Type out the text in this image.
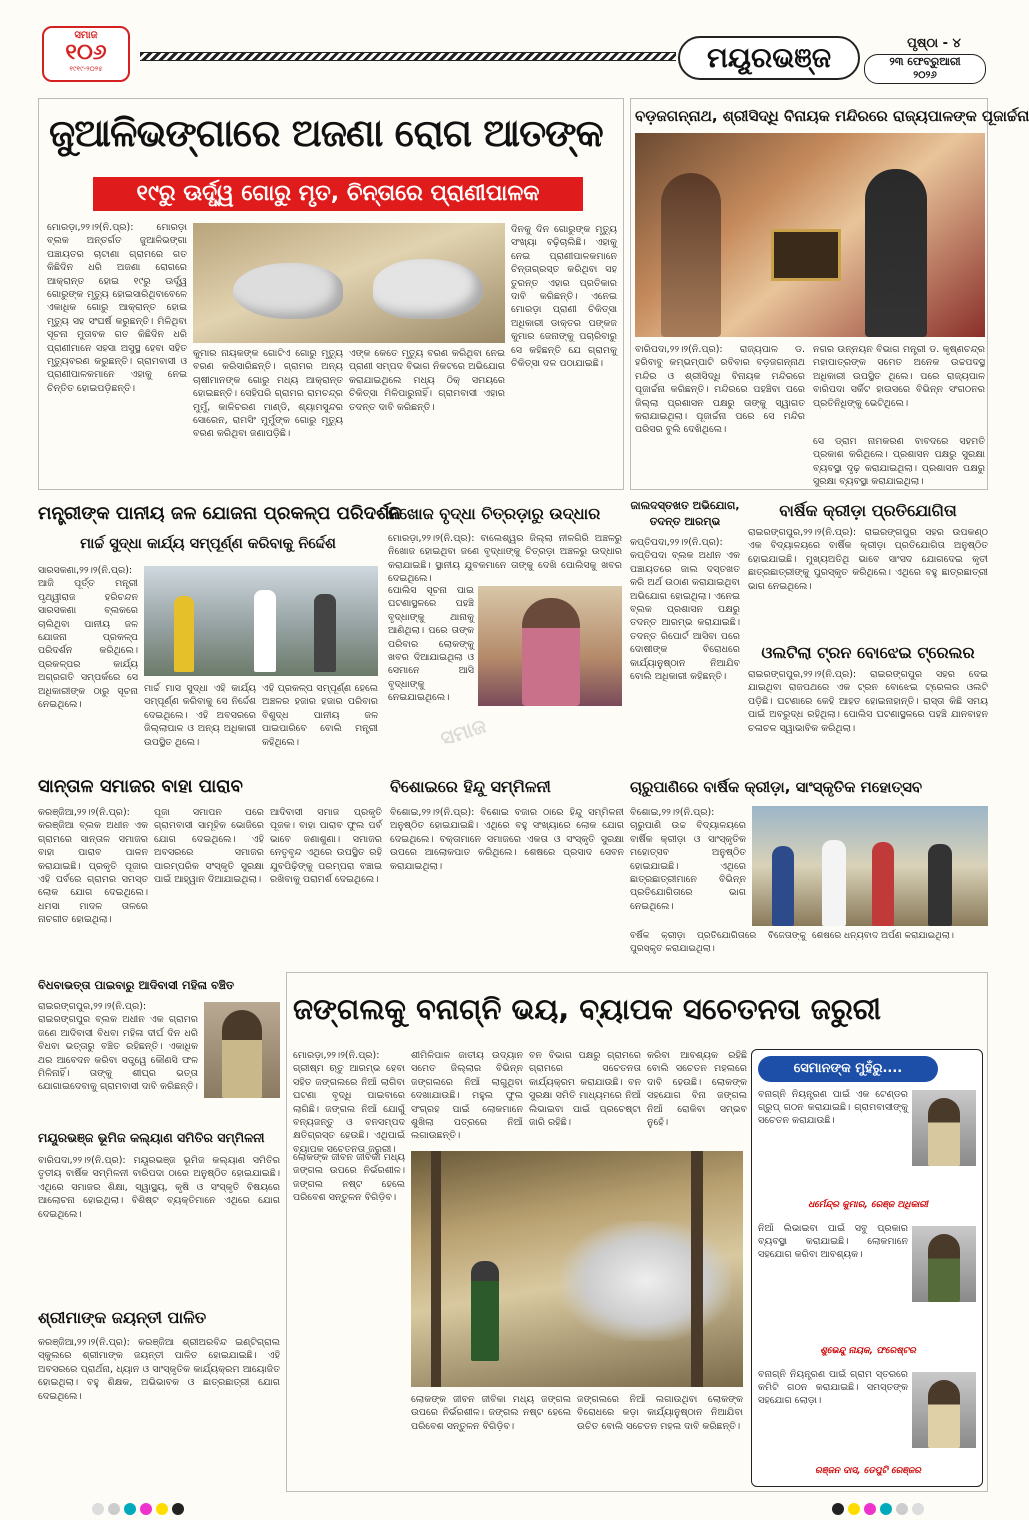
ସମାଜ
୧୦୬
୧୯୧୯-୨୦୨୫	ମୟୂରଭଞ୍ଜ	ପୃଷ୍ଠା - ୪
୨୩ ଫେବ୍ରୁଆରୀ
୨୦୨୬
ଜୁଆଳିଭଙ୍ଗାରେ ଅଜଣା ରୋଗ ଆତଙ୍କ
୧୯ରୁ ଊର୍ଦ୍ଧ୍ୱ ଗୋରୁ ମୃତ, ଚିନ୍ତାରେ ପ୍ରାଣୀପାଳକ
ମୋରଡ଼ା,୨୨।୨(ନି.ପ୍ର): ମୋରଡ଼ା ବ୍ଲକ ଅନ୍ତର୍ଗତ ଜୁଆଳିଭଙ୍ଗା ପଞ୍ଚାୟତର ଚାଟାଣା ଗ୍ରାମରେ ଗତ କିଛିଦିନ ଧରି ଅଜଣା ରୋଗରେ ଆକ୍ରାନ୍ତ ହୋଇ ୧୯ରୁ ଊର୍ଦ୍ଧ୍ୱ ଗୋରୁଙ୍କ ମୃତ୍ୟୁ ହୋଇସାରିଥିବାବେଳେ ଏକାଧିକ ଗୋରୁ ଆକ୍ରାନ୍ତ ହୋଇ ମୃତ୍ୟୁ ସହ ସଂଘର୍ଷ କରୁଛନ୍ତି। ମିଳିଥିବା ସୂଚନା ମୁତାବକ ଗତ କିଛିଦିନ ଧରି ପ୍ରାଣୀମାନେ ସହସା ଅସୁସ୍ଥ ହେବା ସହିତ ମୃତ୍ୟୁବରଣ କରୁଛନ୍ତି। ଗ୍ରାମବାସୀ ଓ ପ୍ରାଣୀପାଳକମାନେ ଏହାକୁ ନେଇ ଚିନ୍ତିତ ହୋଇପଡ଼ିଛନ୍ତି।
କୁମାର ନାୟକଙ୍କ ଗୋଟିଏ ଗୋରୁ ମୃତ୍ୟୁ ବରଣ କରିସାରିଛନ୍ତି। ଗ୍ରାମର ଅନ୍ୟ ଚାଷୀମାନଙ୍କ ଗୋରୁ ମଧ୍ୟ ଆକ୍ରାନ୍ତ ହୋଇଛନ୍ତି। ସେହିପରି ଗ୍ରାମର ରାମଚନ୍ଦ୍ର ମୁର୍ମୁ, କାଳିଚରଣ ମାଣ୍ଡି, ଶ୍ୟାମସୁନ୍ଦର ସୋରେନ, ରାମସିଂ ମୁର୍ମୁଙ୍କ ଗୋରୁ ମୃତ୍ୟୁ ବରଣ କରିଥିବା ଜଣାପଡ଼ିଛି।
ଏଙ୍କ କେତେ ମୃତ୍ୟୁ ବରଣ କରିଥିବା ନେଇ ପ୍ରାଣୀ ସମ୍ପଦ ବିଭାଗ ନିକଟରେ ଅଭିଯୋଗ କରାଯାଇଥିଲେ ମଧ୍ୟ ଠିକ୍ ସମୟରେ ଚିକିତ୍ସା ମିଳିପାରୁନାହିଁ। ଗ୍ରାମବାସୀ ଏହାର ତଦନ୍ତ ଦାବି କରିଛନ୍ତି।
ଦିନକୁ ଦିନ ଗୋରୁଙ୍କ ମୃତ୍ୟୁ ସଂଖ୍ୟା ବଢ଼ିଚାଲିଛି। ଏହାକୁ ନେଇ ପ୍ରାଣୀପାଳକମାନେ ଚିନ୍ତାଗ୍ରସ୍ତ କରିଥିବା ସହ ତୁରନ୍ତ ଏହାର ପ୍ରତିକାର ଦାବି କରିଛନ୍ତି। ଏନେଇ ମୋରଡ଼ା ପ୍ରାଣୀ ଚିକିତ୍ସା ଅଧିକାରୀ ଡାକ୍ତର ପଙ୍କଜ କୁମାର ଜେନାଙ୍କୁ ପଚାରିବାରୁ ସେ କହିଛନ୍ତି ଯେ ଗ୍ରାମକୁ ଚିକିତ୍ସା ଦଳ ପଠାଯାଇଛି।
ବଡ଼ଜଗନ୍ନାଥ, ଶ୍ରୀସିଦ୍ଧି ବିନାୟକ ମନ୍ଦିରରେ ରାଜ୍ୟପାଳଙ୍କ ପୂଜାର୍ଚ୍ଚନା
ବାରିପଦା,୨୨।୨(ନି.ପ୍ର): ରାଜ୍ୟପାଳ ଡ. ହରିବାବୁ କମ୍ଭମ୍ପାଟି ରବିବାର ବଡ଼ଜଗନ୍ନାଥ ମନ୍ଦିର ଓ ଶ୍ରୀସିଦ୍ଧି ବିନାୟକ ମନ୍ଦିରରେ ପୂଜାର୍ଚ୍ଚନା କରିଛନ୍ତି। ମନ୍ଦିରରେ ପହଞ୍ଚିବା ପରେ ଜିଲ୍ଲା ପ୍ରଶାସନ ପକ୍ଷରୁ ତାଙ୍କୁ ସ୍ୱାଗତ କରାଯାଇଥିଲା। ପୂଜାର୍ଚ୍ଚନା ପରେ ସେ ମନ୍ଦିର ପରିସର ବୁଲି ଦେଖିଥିଲେ।
ନଗର ଉନ୍ନୟନ ବିଭାଗ ମନ୍ତ୍ରୀ ଡ. କୃଷ୍ଣଚନ୍ଦ୍ର ମହାପାତ୍ରଙ୍କ ସମେତ ଅନେକ ଉଚ୍ଚପଦସ୍ଥ ଅଧିକାରୀ ଉପସ୍ଥିତ ଥିଲେ। ପରେ ରାଜ୍ୟପାଳ ବାରିପଦା ସର୍କିଟ ହାଉସରେ ବିଭିନ୍ନ ସଂଗଠନର ପ୍ରତିନିଧିଙ୍କୁ ଭେଟିଥିଲେ।
ସେ ଡ୍ରାମ ନାମକରଣ ବାବଦରେ ସହମତି ପ୍ରକାଶ କରିଥିଲେ। ପ୍ରଶାସନ ପକ୍ଷରୁ ସୁରକ୍ଷା ବ୍ୟବସ୍ଥା ଦୃଢ଼ କରାଯାଇଥିଲା। ପ୍ରଶାସନ ପକ୍ଷରୁ ସୁରକ୍ଷା ବ୍ୟବସ୍ଥା କରାଯାଇଥିଲା।
ମନ୍ତ୍ରୀଙ୍କ ପାନୀୟ ଜଳ ଯୋଜନା ପ୍ରକଳ୍ପ ପରିଦର୍ଶନ
ମାର୍ଚ୍ଚ ସୁଦ୍ଧା କାର୍ଯ୍ୟ ସମ୍ପୂର୍ଣ୍ଣ କରିବାକୁ ନିର୍ଦ୍ଦେଶ
ସାରସକଣା,୨୨।୨(ନି.ପ୍ର): ଆଜି ପୂର୍ତ୍ତ ମନ୍ତ୍ରୀ ପୃଥ୍ୱୀରାଜ ହରିଚନ୍ଦନ ସାରସକଣା ବ୍ଲକରେ ଚାଲିଥିବା ପାନୀୟ ଜଳ ଯୋଜନା ପ୍ରକଳ୍ପ ପରିଦର୍ଶନ କରିଥିଲେ। ପ୍ରକଳ୍ପର କାର୍ଯ୍ୟ ଅଗ୍ରଗତି ସମ୍ପର୍କରେ ସେ ଅଧିକାରୀଙ୍କ ଠାରୁ ସୂଚନା ନେଇଥିଲେ।
ମାର୍ଚ୍ଚ ମାସ ସୁଦ୍ଧା ଏହି କାର୍ଯ୍ୟ ସମ୍ପୂର୍ଣ୍ଣ କରିବାକୁ ସେ ନିର୍ଦ୍ଦେଶ ଦେଇଥିଲେ। ଏହି ଅବସରରେ ଜିଲ୍ଲାପାଳ ଓ ଅନ୍ୟ ଅଧିକାରୀ ଉପସ୍ଥିତ ଥିଲେ।
ଏହି ପ୍ରକଳ୍ପ ସମ୍ପୂର୍ଣ୍ଣ ହେଲେ ଅଞ୍ଚଳର ହଜାର ହଜାର ପରିବାର ବିଶୁଦ୍ଧ ପାନୀୟ ଜଳ ପାଇପାରିବେ ବୋଲି ମନ୍ତ୍ରୀ କହିଥିଲେ।
ନିଖୋଜ ବୃଦ୍ଧା ଚିତ୍ରଡ଼ାରୁ ଉଦ୍ଧାର
ମୋରଡ଼ା,୨୨।୨(ନି.ପ୍ର): ବାଲେଶ୍ୱର ଜିଲ୍ଲା ନୀଳଗିରି ଅଞ୍ଚଳରୁ ନିଖୋଜ ହୋଇଥିବା ଜଣେ ବୃଦ୍ଧାଙ୍କୁ ଚିତ୍ରଡ଼ା ଅଞ୍ଚଳରୁ ଉଦ୍ଧାର କରାଯାଇଛି। ସ୍ଥାନୀୟ ଯୁବକମାନେ ତାଙ୍କୁ ଦେଖି ପୋଲିସକୁ ଖବର ଦେଇଥିଲେ।
ପୋଲିସ ସୂଚନା ପାଇ ଘଟଣାସ୍ଥଳରେ ପହଞ୍ଚି ବୃଦ୍ଧାଙ୍କୁ ଥାନାକୁ ଆଣିଥିଲା। ପରେ ତାଙ୍କ ପରିବାର ଲୋକଙ୍କୁ ଖବର ଦିଆଯାଇଥିଲା ଓ ସେମାନେ ଆସି ବୃଦ୍ଧାଙ୍କୁ ନେଇଯାଇଥିଲେ।
ସମାଜ
ଜାଲଦସ୍ତଖତ ଅଭିଯୋଗ, ତଦନ୍ତ ଆରମ୍ଭ
କପ୍ତିପଦା,୨୨।୨(ନି.ପ୍ର): କପ୍ତିପଦା ବ୍ଲକ ଅଧୀନ ଏକ ପଞ୍ଚାୟତରେ ଜାଲ ଦସ୍ତଖତ କରି ଅର୍ଥ ଉଠାଣ କରାଯାଇଥିବା ଅଭିଯୋଗ ହୋଇଥିଲା। ଏନେଇ ବ୍ଲକ ପ୍ରଶାସନ ପକ୍ଷରୁ ତଦନ୍ତ ଆରମ୍ଭ କରାଯାଇଛି। ତଦନ୍ତ ରିପୋର୍ଟ ଆସିବା ପରେ ଦୋଷୀଙ୍କ ବିରୋଧରେ କାର୍ଯ୍ୟାନୁଷ୍ଠାନ ନିଆଯିବ ବୋଲି ଅଧିକାରୀ କହିଛନ୍ତି।
ବାର୍ଷିକ କ୍ରୀଡ଼ା ପ୍ରତିଯୋଗିତା
ରାଇରଙ୍ଗପୁର,୨୨।୨(ନି.ପ୍ର): ରାଇରଙ୍ଗପୁର ସହର ଉପକଣ୍ଠ ଏକ ବିଦ୍ୟାଳୟରେ ବାର୍ଷିକ କ୍ରୀଡ଼ା ପ୍ରତିଯୋଗିତା ଅନୁଷ୍ଠିତ ହୋଇଯାଇଛି। ମୁଖ୍ୟଅତିଥି ଭାବେ ସାଂସଦ ଯୋଗଦେଇ କୃତୀ ଛାତ୍ରଛାତ୍ରୀଙ୍କୁ ପୁରସ୍କୃତ କରିଥିଲେ। ଏଥିରେ ବହୁ ଛାତ୍ରଛାତ୍ରୀ ଭାଗ ନେଇଥିଲେ।
ଓଲଟିଲା ଟ୍ରନ ବୋଝେଇ ଟ୍ରେଲର
ରାଇରଙ୍ଗପୁର,୨୨।୨(ନି.ପ୍ର): ରାଇରଙ୍ଗପୁର ସହର ଦେଇ ଯାଇଥିବା ରାଜପଥରେ ଏକ ଟ୍ରନ ବୋଝେଇ ଟ୍ରେଲର ଓଲଟି ପଡ଼ିଛି। ଘଟଣାରେ କେହି ଆହତ ହୋଇନାହାନ୍ତି। ରାସ୍ତା କିଛି ସମୟ ପାଇଁ ଅବରୁଦ୍ଧ ରହିଥିଲା। ପୋଲିସ ଘଟଣାସ୍ଥଳରେ ପହଞ୍ଚି ଯାନବାହନ ଚଳାଚଳ ସ୍ୱାଭାବିକ କରିଥିଲା।
ସାନ୍ତାଳ ସମାଜର ବାହା ପାରାବ
କରଞ୍ଜିଆ,୨୨।୨(ନି.ପ୍ର): କରଞ୍ଜିଆ ବ୍ଲକ ଅଧୀନ ଏକ ଗ୍ରାମରେ ସାନ୍ତାଳ ସମାଜର ବାହା ପାରାବ ପାଳନ କରାଯାଇଛି। ପ୍ରକୃତି ପୂଜାର ଏହି ପର୍ବରେ ଗ୍ରାମର ସମସ୍ତ ଲୋକ ଯୋଗ ଦେଇଥିଲେ। ଧମସା ମାଦଳ ତାଳରେ ନାଚଗୀତ ହୋଇଥିଲା।
ପୂଜା ସମାପନ ପରେ ଗ୍ରାମବାସୀ ସାମୂହିକ ଭୋଜିରେ ଯୋଗ ଦେଇଥିଲେ। ଏହି ଅବସରରେ ସମାଜର ପାରମ୍ପରିକ ସଂସ୍କୃତି ସୁରକ୍ଷା ପାଇଁ ଆହ୍ୱାନ ଦିଆଯାଇଥିଲା।
ଆଦିବାସୀ ସମାଜ ପ୍ରକୃତି ପୂଜକ। ବାହା ପାରାବ ଫୁଲ ପର୍ବ ଭାବେ ଜଣାଶୁଣା। ସମାଜର ନେତୃବୃନ୍ଦ ଏଥିରେ ଉପସ୍ଥିତ ରହି ଯୁବପିଢ଼ିଙ୍କୁ ପରମ୍ପରା ବଞ୍ଚାଇ ରଖିବାକୁ ପରାମର୍ଶ ଦେଇଥିଲେ।
ବିଶୋଇରେ ହିନ୍ଦୁ ସମ୍ମିଳନୀ
ବିଶୋଇ,୨୨।୨(ନି.ପ୍ର): ବିଶୋଇ ବଜାର ଠାରେ ହିନ୍ଦୁ ସମ୍ମିଳନୀ ଅନୁଷ୍ଠିତ ହୋଇଯାଇଛି। ଏଥିରେ ବହୁ ସଂଖ୍ୟାରେ ଲୋକ ଯୋଗ ଦେଇଥିଲେ। ବକ୍ତାମାନେ ସମାଜରେ ଏକତା ଓ ସଂସ୍କୃତି ସୁରକ୍ଷା ଉପରେ ଆଲୋକପାତ କରିଥିଲେ। ଶେଷରେ ପ୍ରସାଦ ସେବନ କରାଯାଇଥିଲା।
ଚାରୁପାଣିରେ ବାର୍ଷିକ କ୍ରୀଡ଼ା, ସାଂସ୍କୃତିକ ମହୋତ୍ସବ
ବିଶୋଇ,୨୨।୨(ନି.ପ୍ର): ଚାରୁପାଣି ଉଚ୍ଚ ବିଦ୍ୟାଳୟରେ ବାର୍ଷିକ କ୍ରୀଡ଼ା ଓ ସାଂସ୍କୃତିକ ମହୋତ୍ସବ ଅନୁଷ୍ଠିତ ହୋଇଯାଇଛି। ଏଥିରେ ଛାତ୍ରଛାତ୍ରୀମାନେ ବିଭିନ୍ନ ପ୍ରତିଯୋଗିତାରେ ଭାଗ ନେଇଥିଲେ।
ବର୍ଷିକ କ୍ରୀଡ଼ା ପ୍ରତିଯୋଗିତାରେ ବିଜେତାଙ୍କୁ ପୁରସ୍କୃତ କରାଯାଇଥିଲା।
ଶେଷରେ ଧନ୍ୟବାଦ ଅର୍ପଣ କରାଯାଇଥିଲା।
ବିଧବାଭତ୍ତା ପାଇବାରୁ ଆଦିବାସୀ ମହିଳା ବଞ୍ଚିତ
ରାଇରଙ୍ଗପୁର,୨୨।୨(ନି.ପ୍ର): ରାଇରଙ୍ଗପୁର ବ୍ଲକ ଅଧୀନ ଏକ ଗ୍ରାମର ଜଣେ ଆଦିବାସୀ ବିଧବା ମହିଳା ଦୀର୍ଘ ଦିନ ଧରି ବିଧବା ଭତ୍ତାରୁ ବଞ୍ଚିତ ରହିଛନ୍ତି। ଏକାଧିକ ଥର ଆବେଦନ କରିବା ସତ୍ତ୍ୱେ କୌଣସି ଫଳ ମିଳିନାହିଁ। ତାଙ୍କୁ ଶୀଘ୍ର ଭତ୍ତା ଯୋଗାଇଦେବାକୁ ଗ୍ରାମବାସୀ ଦାବି କରିଛନ୍ତି।
ମୟୂରଭଞ୍ଜ ଭୂମିଜ କଲ୍ୟାଣ ସମିତିର ସମ୍ମିଳନୀ
ବାରିପଦା,୨୨।୨(ନି.ପ୍ର): ମୟୂରଭଞ୍ଜ ଭୂମିଜ କଲ୍ୟାଣ ସମିତିର ତୃତୀୟ ବାର୍ଷିକ ସମ୍ମିଳନୀ ବାରିପଦା ଠାରେ ଅନୁଷ୍ଠିତ ହୋଇଯାଇଛି। ଏଥିରେ ସମାଜର ଶିକ୍ଷା, ସ୍ୱାସ୍ଥ୍ୟ, କୃଷି ଓ ସଂସ୍କୃତି ବିଷୟରେ ଆଲୋଚନା ହୋଇଥିଲା। ବିଶିଷ୍ଟ ବ୍ୟକ୍ତିମାନେ ଏଥିରେ ଯୋଗ ଦେଇଥିଲେ।
ଶ୍ରୀମାଙ୍କ ଜୟନ୍ତୀ ପାଳିତ
କରଞ୍ଜିଆ,୨୨।୨(ନି.ପ୍ର): କରଞ୍ଜିଆ ଶ୍ରୀଅରବିନ୍ଦ ଇଣ୍ଟିଗ୍ରାଲ ସ୍କୁଲରେ ଶ୍ରୀମାଙ୍କ ଜୟନ୍ତୀ ପାଳିତ ହୋଇଯାଇଛି। ଏହି ଅବସରରେ ପ୍ରାର୍ଥନା, ଧ୍ୟାନ ଓ ସାଂସ୍କୃତିକ କାର୍ଯ୍ୟକ୍ରମ ଆୟୋଜିତ ହୋଇଥିଲା। ବହୁ ଶିକ୍ଷକ, ଅଭିଭାବକ ଓ ଛାତ୍ରଛାତ୍ରୀ ଯୋଗ ଦେଇଥିଲେ।
ଜଙ୍ଗଲକୁ ବନାଗ୍ନି ଭୟ, ବ୍ୟାପକ ସଚେତନତା ଜରୁରୀ
ମୋରଡ଼ା,୨୨।୨(ନି.ପ୍ର): ଗ୍ରୀଷ୍ମ ଋତୁ ଆରମ୍ଭ ହେବା ସହିତ ଜଙ୍ଗଲରେ ନିଆଁ ଲାଗିବା ଘଟଣା ବୃଦ୍ଧି ପାଇବାରେ ଲାଗିଛି। ଜଙ୍ଗଲ ନିଆଁ ଯୋଗୁଁ ବନ୍ୟଜନ୍ତୁ ଓ ବନସମ୍ପଦ କ୍ଷତିଗ୍ରସ୍ତ ହେଉଛି। ଏଥିପାଇଁ ବ୍ୟାପକ ସଚେତନତା ଜରୁରୀ।
ଶୀମିଳିପାଳ ଜାତୀୟ ଉଦ୍ୟାନ ସମେତ ଜିଲ୍ଲାର ବିଭିନ୍ନ ଜଙ୍ଗଲରେ ନିଆଁ ଲାଗୁଥିବା ଦେଖାଯାଉଛି। ମହୁଲ ଫୁଲ ସଂଗ୍ରହ ପାଇଁ ଲୋକମାନେ ଶୁଖିଲା ପତ୍ରରେ ନିଆଁ ଲଗାଉଛନ୍ତି।
ବନ ବିଭାଗ ପକ୍ଷରୁ ଗ୍ରାମରେ ଗ୍ରାମରେ ସଚେତନତା କାର୍ଯ୍ୟକ୍ରମ କରାଯାଉଛି। ବନ ସୁରକ୍ଷା ସମିତି ମାଧ୍ୟମରେ ନିଆଁ ଲିଭାଇବା ପାଇଁ ପ୍ରଚେଷ୍ଟା ଜାରି ରହିଛି।
କରିବା ଆବଶ୍ୟକ ରହିଛି ବୋଲି ସଚେତନ ମହଲରେ ଦାବି ହେଉଛି। ଲୋକଙ୍କ ସହଯୋଗ ବିନା ଜଙ୍ଗଲ ନିଆଁ ରୋକିବା ସମ୍ଭବ ନୁହେଁ।
ଲୋକଙ୍କ ଜୀବନ ଜୀବିକା ମଧ୍ୟ ଜଙ୍ଗଲ ଉପରେ ନିର୍ଭରଶୀଳ। ଜଙ୍ଗଲ ନଷ୍ଟ ହେଲେ ପରିବେଶ ସନ୍ତୁଳନ ବିଗିଡ଼ିବ।
ଲୋକଙ୍କ ଜୀବନ ଜୀବିକା ମଧ୍ୟ ଜଙ୍ଗଲ ଉପରେ ନିର୍ଭରଶୀଳ। ଜଙ୍ଗଲ ନଷ୍ଟ ହେଲେ ପରିବେଶ ସନ୍ତୁଳନ ବିଗିଡ଼ିବ।
ଜଙ୍ଗଲରେ ନିଆଁ ଲଗାଉଥିବା ଲୋକଙ୍କ ବିରୋଧରେ କଡ଼ା କାର୍ଯ୍ୟାନୁଷ୍ଠାନ ନିଆଯିବା ଉଚିତ ବୋଲି ସଚେତନ ମହଲ ଦାବି କରିଛନ୍ତି।
ସେମାନଙ୍କ ମୁହଁରୁ....
ବନାଗ୍ନି ନିୟନ୍ତ୍ରଣ ପାଇଁ ଏକ ଟେଣ୍ଡର ଗ୍ରୁପ୍ ଗଠନ କରାଯାଇଛି। ଗ୍ରାମବାସୀଙ୍କୁ ସଚେତନ କରାଯାଉଛି।
ଧର୍ମେନ୍ଦ୍ର କୁମାର, ରେଞ୍ଜ ଅଧିକାରୀ
ନିଆଁ ଲିଭାଇବା ପାଇଁ ସବୁ ପ୍ରକାର ବ୍ୟବସ୍ଥା କରାଯାଇଛି। ଲୋକମାନେ ସହଯୋଗ କରିବା ଆବଶ୍ୟକ।
ଶୁଭେନ୍ଦୁ ନାୟକ, ଫରେଷ୍ଟର
ବନାଗ୍ନି ନିୟନ୍ତ୍ରଣ ପାଇଁ ଗ୍ରାମ ସ୍ତରରେ କମିଟି ଗଠନ କରାଯାଇଛି। ସମସ୍ତଙ୍କ ସହଯୋଗ ଲୋଡ଼ା।
ରଞ୍ଜନ ଦାସ, ଡେପୁଟି ରେଞ୍ଜର
